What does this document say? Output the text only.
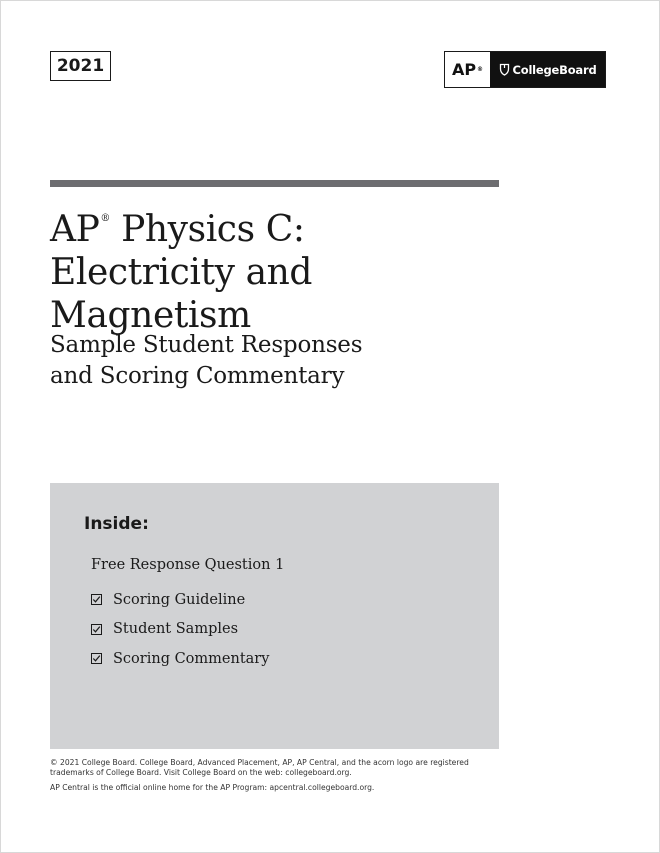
2021	AP ®	CollegeBoard
AP® Physics C:
Electricity and
Magnetism
Sample Student Responses
and Scoring Commentary
Inside:
Free Response Question 1
Scoring Guideline
Student Samples
Scoring Commentary

© 2021 College Board. College Board, Advanced Placement, AP, AP Central, and the acorn logo are registered
trademarks of College Board. Visit College Board on the web: collegeboard.org.

AP Central is the official online home for the AP Program: apcentral.collegeboard.org.
